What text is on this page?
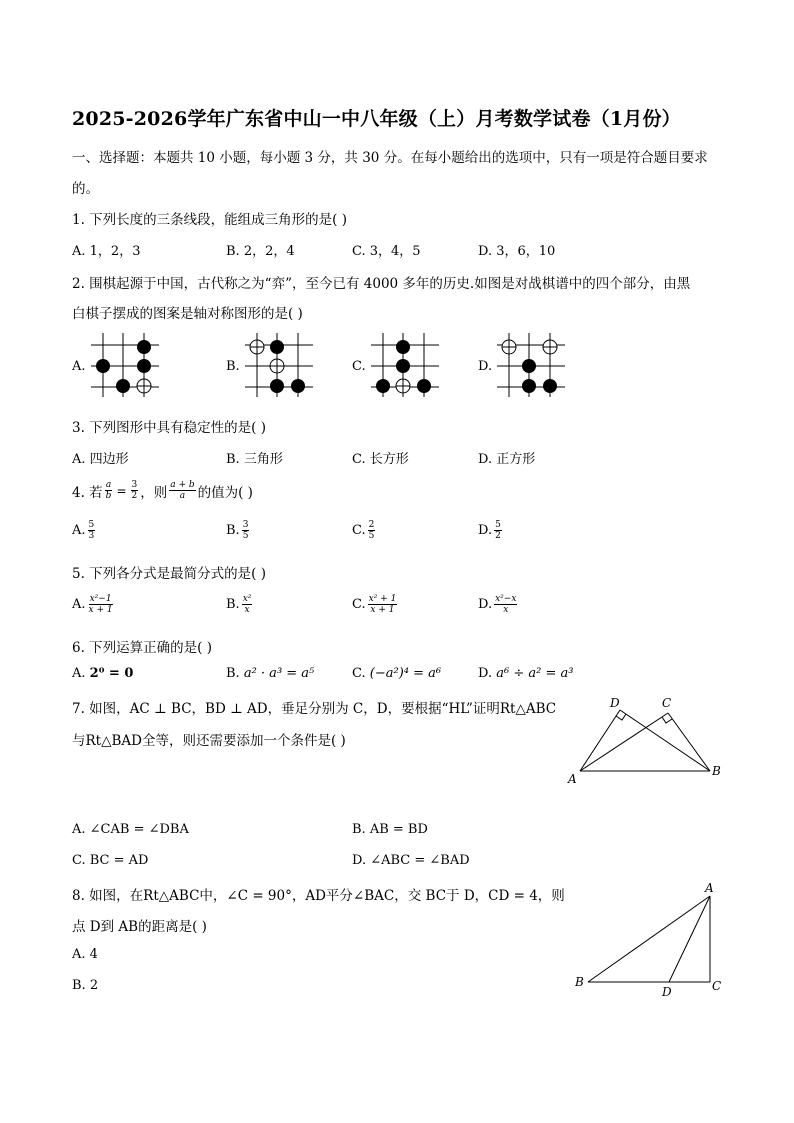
2025-2026学年广东省中山一中八年级（上）月考数学试卷（1月份）
一、选择题：本题共 10 小题，每小题 3 分，共 30 分。在每小题给出的选项中，只有一项是符合题目要求
的。
1. 下列长度的三条线段，能组成三角形的是( )
A. 1，2，3	B. 2，2，4	C. 3，4，5	D. 3，6，10
2. 围棋起源于中国，古代称之为“弈”，至今已有 4000 多年的历史.如图是对战棋谱中的四个部分，由黑
白棋子摆成的图案是轴对称图形的是( )
A.	B.	C.	D.
3. 下列图形中具有稳定性的是( )
A. 四边形	B. 三角形	C. 长方形	D. 正方形
4. 若 $\frac{a}{b} = \frac{3}{2}$ ，则 $\frac{a + b}{a}$ 的值为( )
A. $\frac{5}{3}$	B. $\frac{3}{5}$	C. $\frac{2}{5}$	D. $\frac{5}{2}$
5. 下列各分式是最简分式的是( )
A. $\frac{\text{x²−1}}{x + 1}$	B. $\frac{\text{x²}}{x}$	C. $\frac{\text{x² + 1}}{x + 1}$	D. $\frac{\text{x²−x}}{x}$
6. 下列运算正确的是( )
A. 2⁰ = 0	B. a² · a³ = a⁵	C. (−a²)⁴ = a⁶	D. a⁶ ÷ a² = a³
7. 如图，AC ⊥ BC，BD ⊥ AD，垂足分别为 C，D，要根据“HL”证明Rt△ABC
与Rt△BAD全等，则还需要添加一个条件是( )
A
B
D	C
A. ∠CAB = ∠DBA	B. AB = BD
C. BC = AD	D. ∠ABC = ∠BAD
8. 如图，在Rt△ABC中，∠C = 90°，AD平分∠BAC，交 BC于 D，CD = 4，则
点 D到 AB的距离是( )
A. 4
B. 2
A
B	C
D
